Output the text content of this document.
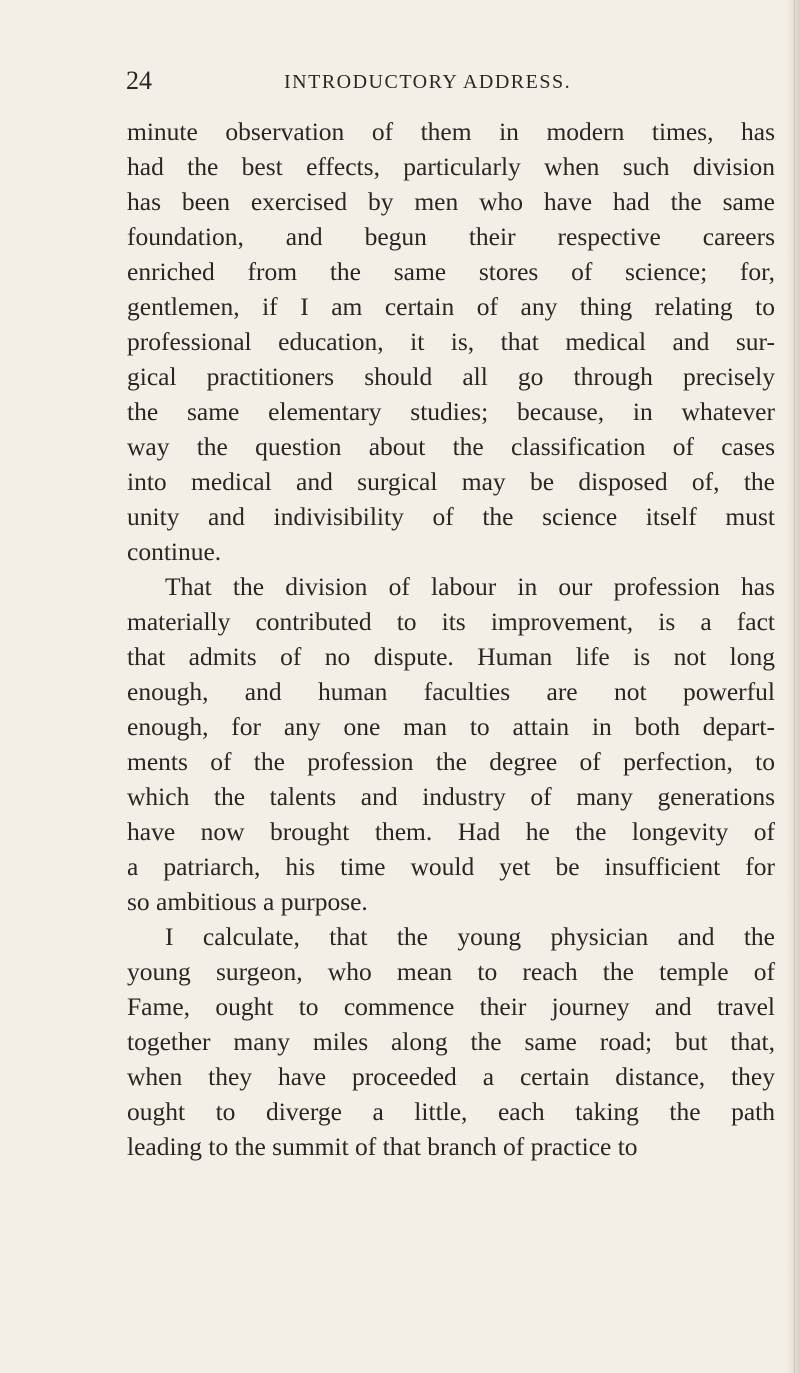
24	INTRODUCTORY ADDRESS.
minute observation of them in modern times, has
had the best effects, particularly when such division
has been exercised by men who have had the same
foundation, and begun their respective careers
enriched from the same stores of science; for,
gentlemen, if I am certain of any thing relating to
professional education, it is, that medical and sur-
gical practitioners should all go through precisely
the same elementary studies; because, in whatever
way the question about the classification of cases
into medical and surgical may be disposed of, the
unity and indivisibility of the science itself must
continue.
That the division of labour in our profession has
materially contributed to its improvement, is a fact
that admits of no dispute. Human life is not long
enough, and human faculties are not powerful
enough, for any one man to attain in both depart-
ments of the profession the degree of perfection, to
which the talents and industry of many generations
have now brought them. Had he the longevity of
a patriarch, his time would yet be insufficient for
so ambitious a purpose.
I calculate, that the young physician and the
young surgeon, who mean to reach the temple of
Fame, ought to commence their journey and travel
together many miles along the same road; but that,
when they have proceeded a certain distance, they
ought to diverge a little, each taking the path
leading to the summit of that branch of practice to
